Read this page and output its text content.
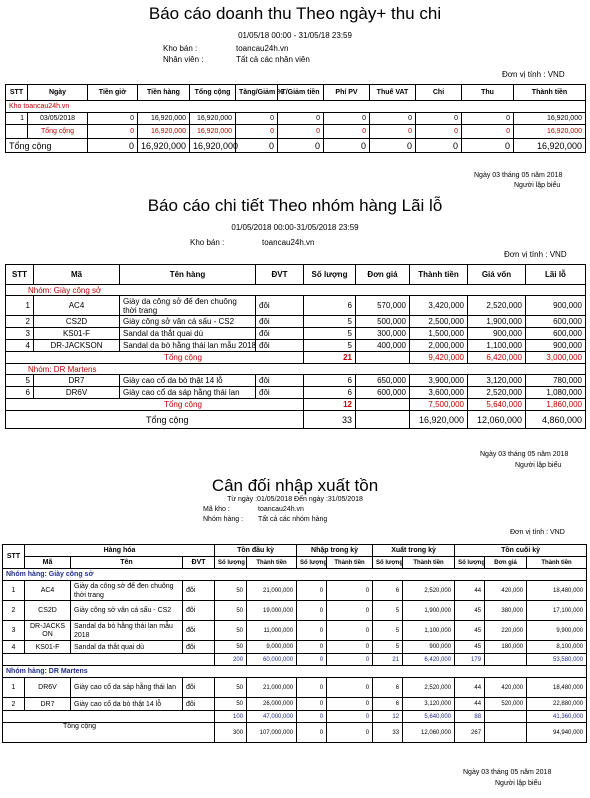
Báo cáo doanh thu Theo ngày+ thu chi
01/05/18 00:00 - 31/05/18 23:59
Kho bán :	toancau24h.vn
Nhân viên :	Tất cả các nhân viên
Đơn vị tính : VND
STT	Ngày	Tiền giờ	Tiền hàng	Tổng cộng	Tăng/Giảm %	T/Giảm tiền	Phí PV	Thuế VAT	Chi	Thu	Thành tiền
Kho toancau24h.vn											
1	03/05/2018	0	16,920,000	16,920,000	0	0	0	0	0	0	16,920,000
	Tổng cộng	0	16,920,000	16,920,000	0	0	0	0	0	0	16,920,000
Tổng cộng		0	16,920,000	16,920,000	0	0	0	0	0	0	16,920,000
Ngày 03 tháng 05 năm 2018
Người lập biểu
Báo cáo chi tiết Theo nhóm hàng Lãi lỗ
01/05/2018 00:00-31/05/2018 23:59
Kho bán :	toancau24h.vn
Đơn vị tính : VND
STT	Mã	Tên hàng	ĐVT	Số lượng	Đơn giá	Thành tiền	Giá vốn	Lãi lỗ
Nhóm: Giày công sở								
1	AC4	Giày da công sở đế đen chuông thời trang	đôi	6	570,000	3,420,000	2,520,000	900,000
2	CS2D	Giày công sở vân cá sấu - CS2	đôi	5	500,000	2,500,000	1,900,000	600,000
3	KS01-F	Sandal da thắt quai dù	đôi	5	300,000	1,500,000	900,000	600,000
4	DR-JACKSON	Sandal da bò hằng thái lan mẫu 2018	đôi	5	400,000	2,000,000	1,100,000	900,000
Tổng cộng				21		9,420,000	6,420,000	3,000,000
Nhóm: DR Martens								
5	DR7	Giày cao cổ da bò thật 14 lỗ	đôi	6	650,000	3,900,000	3,120,000	780,000
6	DR6V	Giày cao cổ da sáp hằng thái lan	đôi	6	600,000	3,600,000	2,520,000	1,080,000
Tổng cộng				12		7,500,000	5,640,000	1,860,000
Tổng cộng				33		16,920,000	12,060,000	4,860,000
Ngày 03 tháng 05 năm 2018
Người lập biểu
Cân đối nhập xuất tồn
Từ ngày :01/05/2018 Đến ngày :31/05/2018
Mã kho :	toancau24h.vn
Nhóm hàng : Tất cả các nhóm hàng
Đơn vị tính : VND
STT	Hàng hóa			Tồn đầu kỳ		Nhập trong kỳ		Xuất trong kỳ		Tồn cuối kỳ		
	Mã	Tên	ĐVT	Số lượng	Thành tiền	Số lượng	Thành tiền	Số lượng	Thành tiền	Số lượng	Đơn giá	Thành tiền
Nhóm hàng: Giày công sở												
1	AC4	Giày da công sở đế đen chuông thời trang	đôi	50	21,000,000	0	0	6	2,520,000	44	420,000	18,480,000
2	CS2D	Giày công sở vân cá sấu - CS2	đôi	50	19,000,000	0	0	5	1,900,000	45	380,000	17,100,000
3	DR-JACKSON	Sandal da bò hằng thái lan mẫu 2018	đôi	50	11,000,000	0	0	5	1,100,000	45	220,000	9,900,000
4	KS01-F	Sandal da thắt quai dù	đôi	50	9,000,000	0	0	5	900,000	45	180,000	8,100,000
				200	60,000,000	0	0	21	6,420,000	179		53,580,000
Nhóm hàng: DR Martens												
1	DR6V	Giày cao cổ da sáp hằng thái lan	đôi	50	21,000,000	0	0	6	2,520,000	44	420,000	18,480,000
2	DR7	Giày cao cổ da bò thật 14 lỗ	đôi	50	26,000,000	0	0	6	3,120,000	44	520,000	22,880,000
				100	47,000,000	0	0	12	5,640,000	88		41,360,000
Tổng cộng				300	107,000,000	0	0	33	12,060,000	267		94,940,000
Ngày 03 tháng 05 năm 2018
Người lập biểu
